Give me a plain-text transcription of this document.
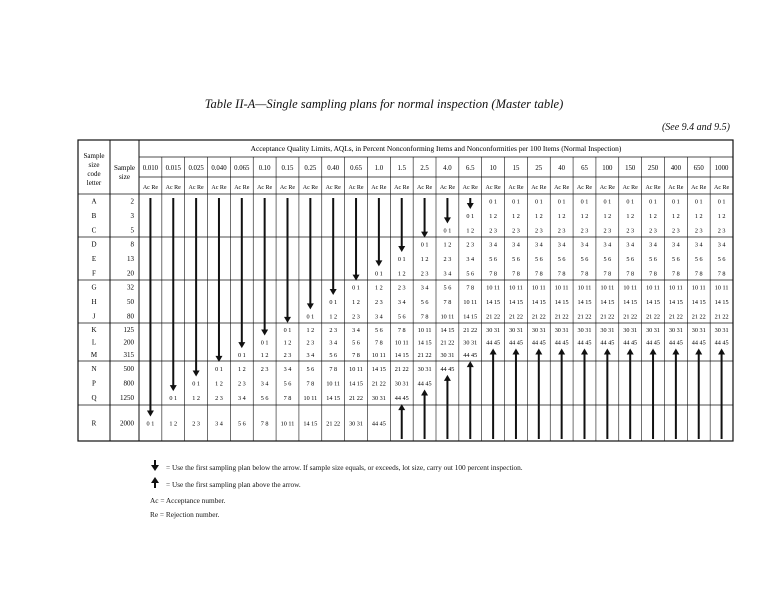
Table II-A—Single sampling plans for normal inspection (Master table)
(See 9.4 and 9.5)
Sample
size
code
letter
Sample
size
Acceptance Quality Limits, AQLs, in Percent Nonconforming Items and Nonconformities per 100 Items (Normal Inspection)
0.010
Ac Re
0.015
Ac Re
0.025
Ac Re
0.040
Ac Re
0.065
Ac Re
0.10
Ac Re
0.15
Ac Re
0.25
Ac Re
0.40
Ac Re
0.65
Ac Re
1.0
Ac Re
1.5
Ac Re
2.5
Ac Re
4.0
Ac Re
6.5
Ac Re
10
Ac Re
15
Ac Re
25
Ac Re
40
Ac Re
65
Ac Re
100
Ac Re
150
Ac Re
250
Ac Re
400
Ac Re
650
Ac Re
1000
Ac Re
A
B
C
D
E
F
G
H
J
K
L
M
N
P
Q
R
2
3
5
8
13
20
32
50
80
125
200
315
500
800
1250
2000 0 1
0 1
1 2
0 1
1 2
2 3
0 1
1 2
2 3
3 4
0 1
1 2
2 3
3 4
5 6
0 1
1 2
2 3
3 4
5 6
7 8
0 1
1 2
2 3
3 4
5 6
7 8
10 11
0 1
1 2
2 3
3 4
5 6
7 8
10 11
14 15
0 1
1 2
2 3
3 4
5 6
7 8
10 11
14 15
21 22
0 1
1 2
2 3
3 4
5 6
7 8
10 11
14 15
21 22
30 31
0 1
1 2
2 3
3 4
5 6
7 8
10 11
14 15
21 22
30 31
44 45
0 1
1 2
2 3
3 4
5 6
7 8
10 11
14 15
21 22
30 31
44 45
0 1
1 2
2 3
3 4
5 6
7 8
10 11
14 15
21 22
30 31
44 45
0 1
1 2
2 3
3 4
5 6
7 8
10 11
14 15
21 22
30 31
44 45
0 1
1 2
2 3
3 4
5 6
7 8
10 11
14 15
21 22
30 31
44 45
0 1
1 2
2 3
3 4
5 6
7 8
10 11
14 15
21 22
30 31
44 45
0 1
1 2
2 3
3 4
5 6
7 8
10 11
14 15
21 22
30 31
44 45
0 1
1 2
2 3
3 4
5 6
7 8
10 11
14 15
21 22
30 31
44 45
0 1
1 2
2 3
3 4
5 6
7 8
10 11
14 15
21 22
30 31
44 45
0 1
1 2
2 3
3 4
5 6
7 8
10 11
14 15
21 22
30 31
44 45
0 1
1 2
2 3
3 4
5 6
7 8
10 11
14 15
21 22
30 31
44 45
0 1
1 2
2 3
3 4
5 6
7 8
10 11
14 15
21 22
30 31
44 45
0 1
1 2
2 3
3 4
5 6
7 8
10 11
14 15
21 22
30 31
44 45
0 1
1 2
2 3
3 4
5 6
7 8
10 11
14 15
21 22
30 31
44 45
0 1
1 2
2 3
3 4
5 6
7 8
10 11
14 15
21 22
30 31
44 45
0 1
1 2
2 3
3 4
5 6
7 8
10 11
14 15
21 22
30 31
44 45
= Use the first sampling plan below the arrow. If sample size equals, or exceeds, lot size, carry out 100 percent inspection.
= Use the first sampling plan above the arrow.
Ac = Acceptance number.
Re = Rejection number.
